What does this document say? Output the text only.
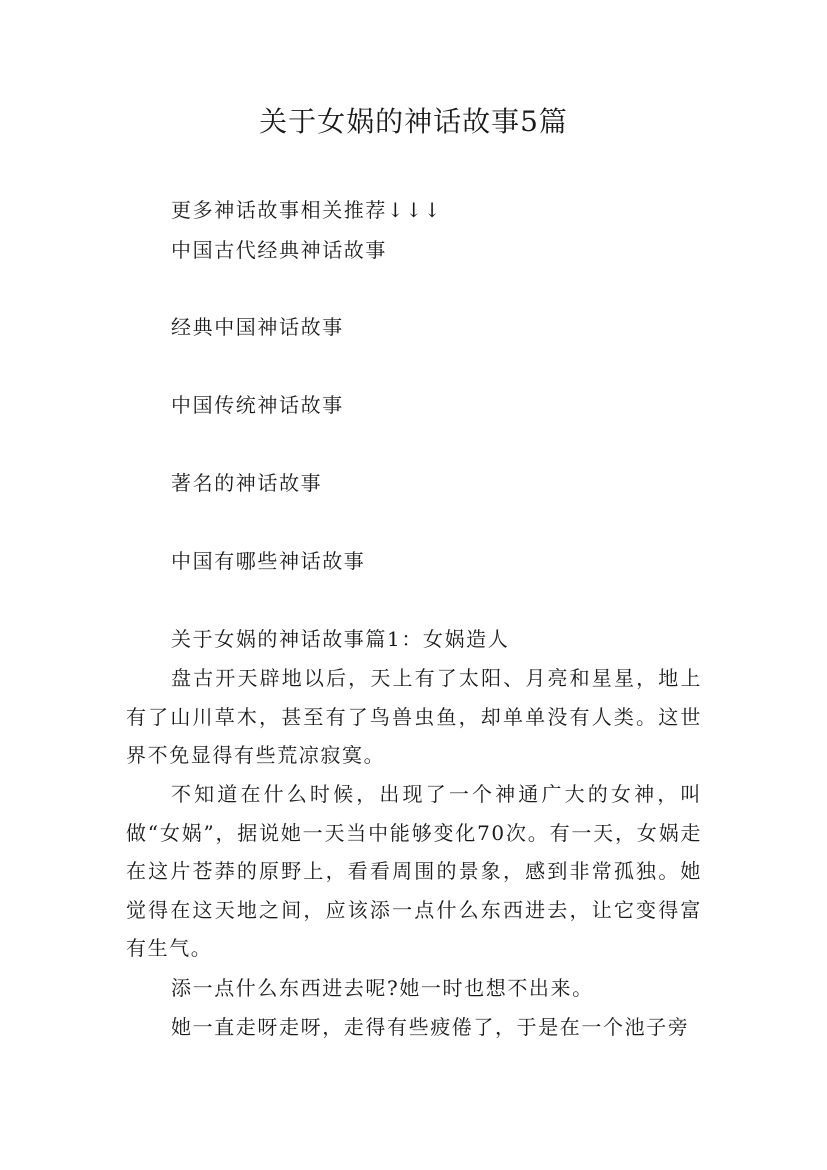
关于女娲的神话故事5篇
更多神话故事相关推荐↓↓↓
中国古代经典神话故事
经典中国神话故事
中国传统神话故事
著名的神话故事
中国有哪些神话故事
关于女娲的神话故事篇1：女娲造人
盘古开天辟地以后，天上有了太阳、月亮和星星，地上有了山川草木，甚至有了鸟兽虫鱼，却单单没有人类。这世界不免显得有些荒凉寂寞。
不知道在什么时候，出现了一个神通广大的女神，叫做“女娲”，据说她一天当中能够变化70次。有一天，女娲走在这片苍莽的原野上，看看周围的景象，感到非常孤独。她觉得在这天地之间，应该添一点什么东西进去，让它变得富有生气。
添一点什么东西进去呢?她一时也想不出来。
她一直走呀走呀，走得有些疲倦了，于是在一个池子旁
